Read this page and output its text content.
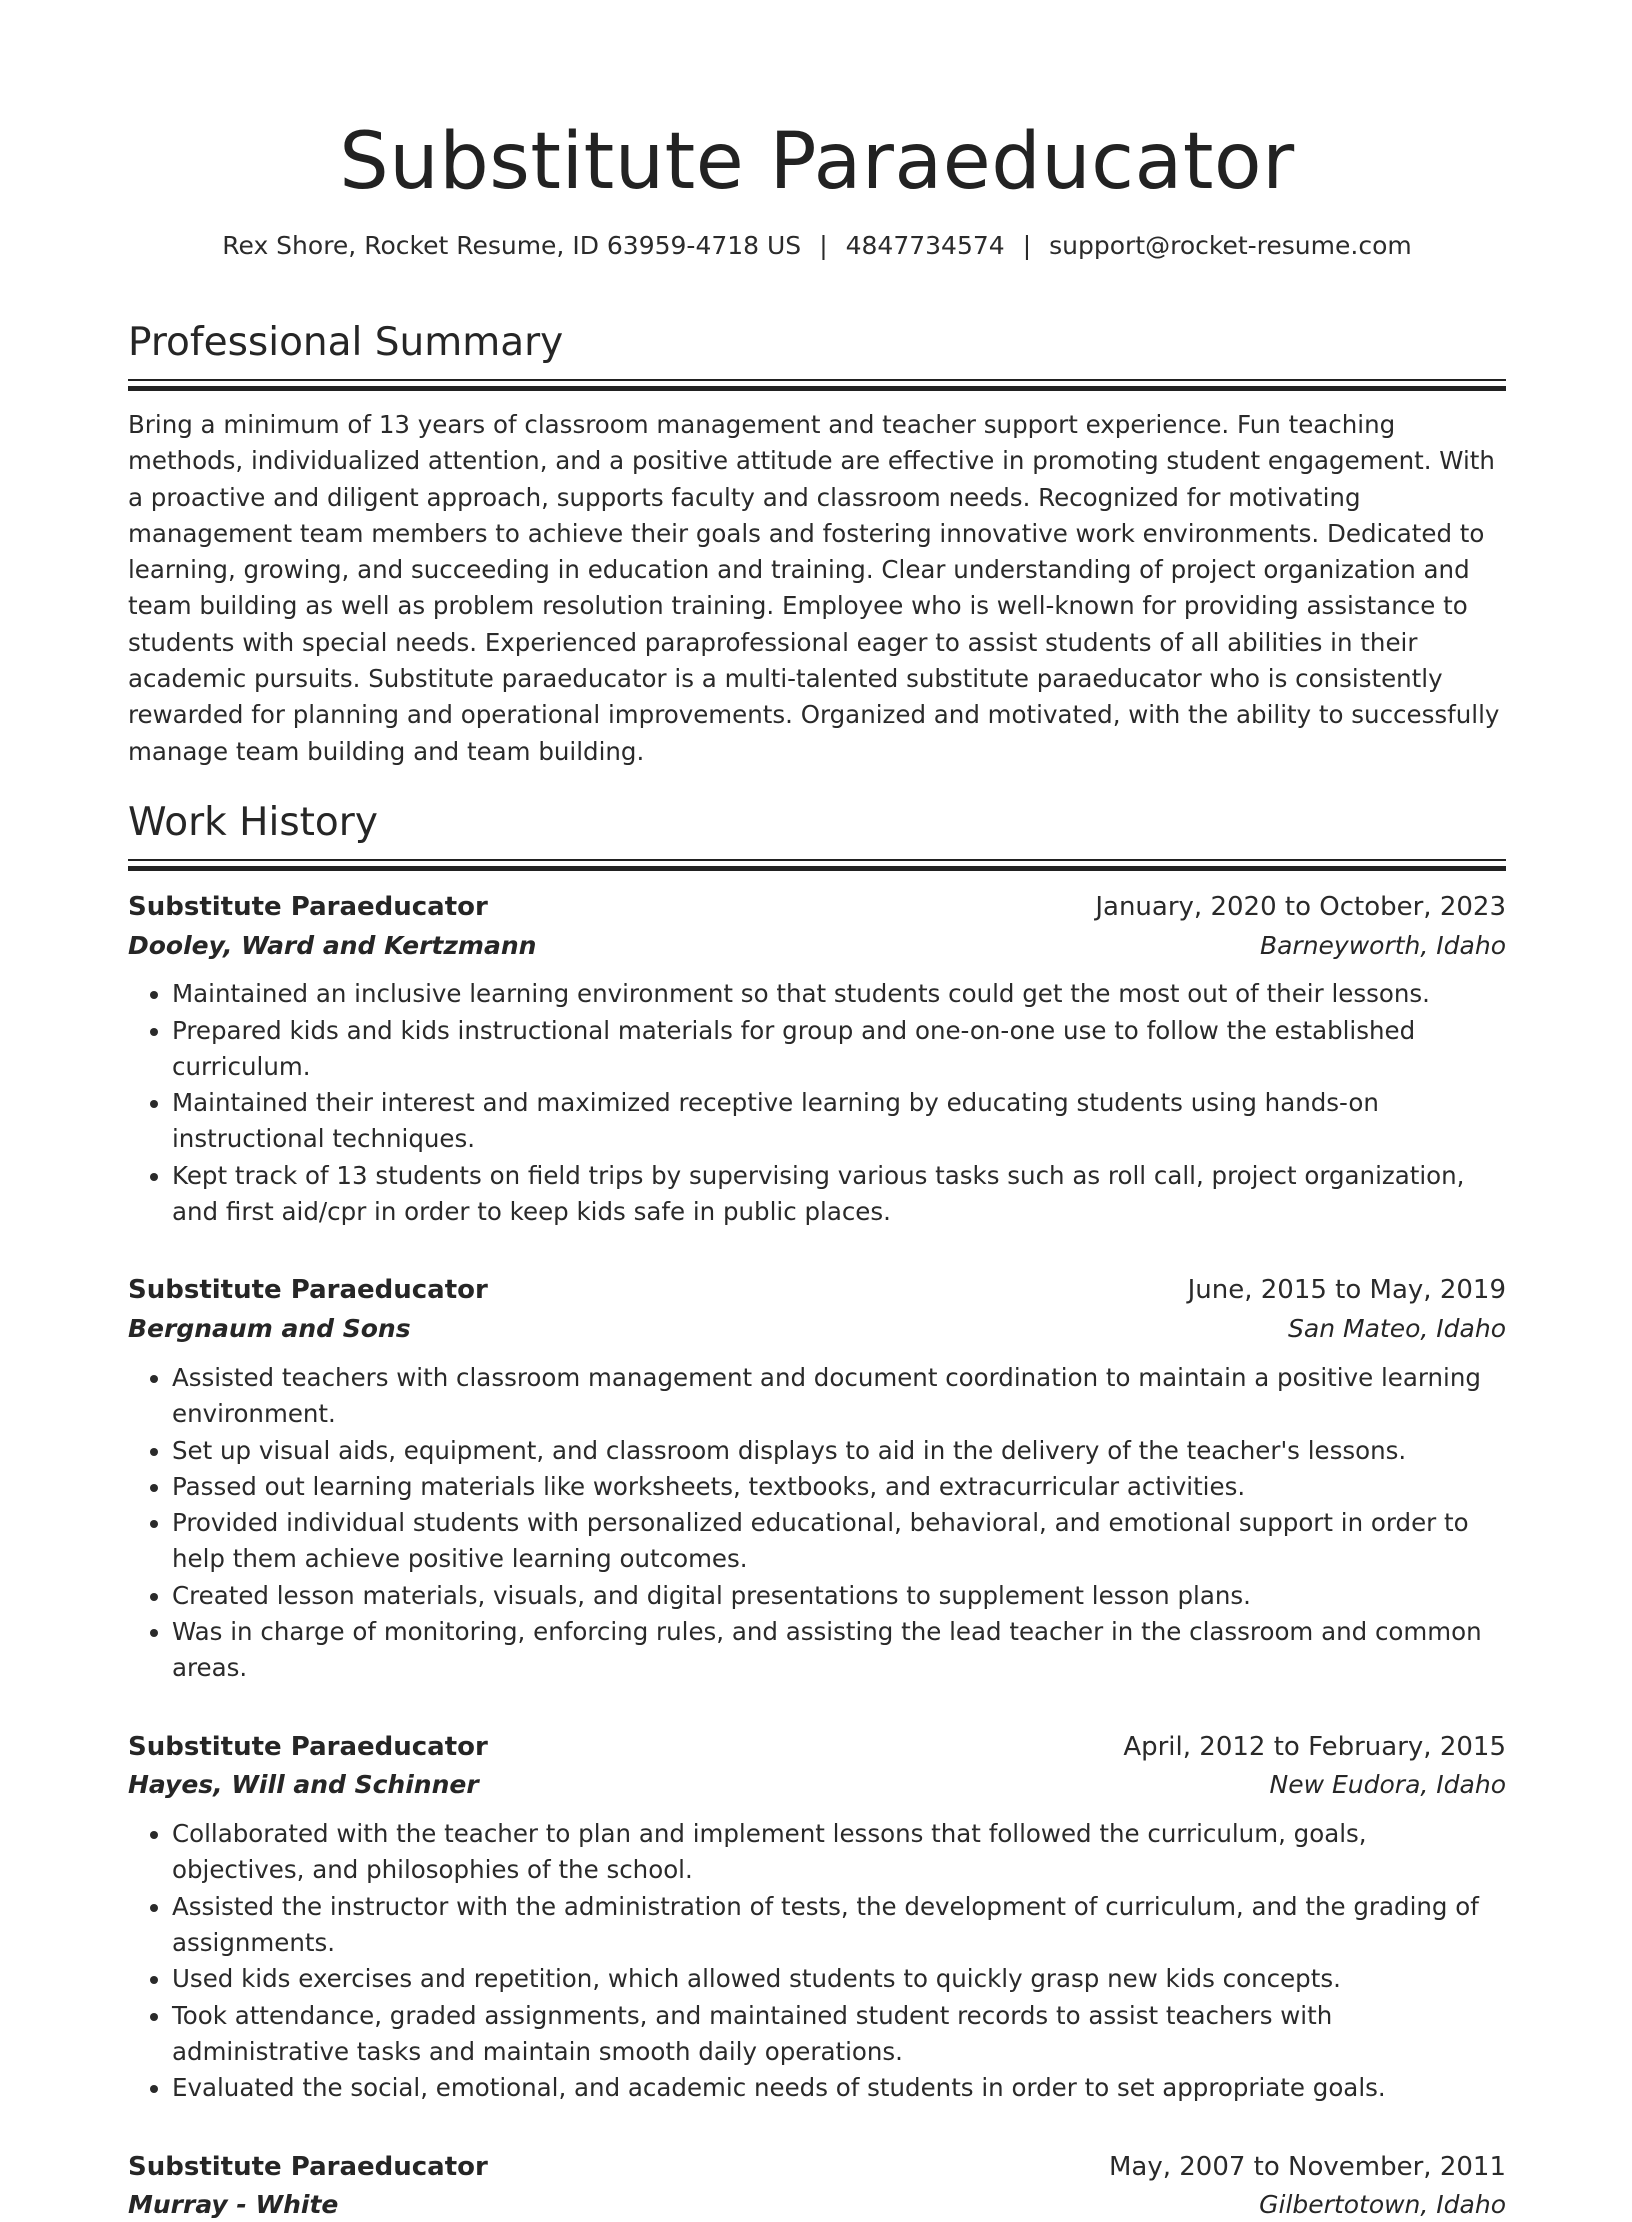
Substitute Paraeducator
Rex Shore, Rocket Resume, ID 63959-4718 US | 4847734574 | support@rocket-resume.com
Professional Summary

Bring a minimum of 13 years of classroom management and teacher support experience. Fun teaching methods, individualized attention, and a positive attitude are effective in promoting student engagement. With a proactive and diligent approach, supports faculty and classroom needs. Recognized for motivating management team members to achieve their goals and fostering innovative work environments. Dedicated to learning, growing, and succeeding in education and training. Clear understanding of project organization and team building as well as problem resolution training. Employee who is well-known for providing assistance to students with special needs. Experienced paraprofessional eager to assist students of all abilities in their academic pursuits. Substitute paraeducator is a multi-talented substitute paraeducator who is consistently rewarded for planning and operational improvements. Organized and motivated, with the ability to successfully manage team building and team building.

Work History
Substitute Paraeducator	January, 2020 to October, 2023
Dooley, Ward and Kertzmann	Barneyworth, Idaho
• Maintained an inclusive learning environment so that students could get the most out of their lessons.
• Prepared kids and kids instructional materials for group and one-on-one use to follow the established curriculum.
• Maintained their interest and maximized receptive learning by educating students using hands-on instructional techniques.
• Kept track of 13 students on field trips by supervising various tasks such as roll call, project organization, and first aid/cpr in order to keep kids safe in public places.
Substitute Paraeducator	June, 2015 to May, 2019
Bergnaum and Sons	San Mateo, Idaho
• Assisted teachers with classroom management and document coordination to maintain a positive learning environment.
• Set up visual aids, equipment, and classroom displays to aid in the delivery of the teacher's lessons.
• Passed out learning materials like worksheets, textbooks, and extracurricular activities.
• Provided individual students with personalized educational, behavioral, and emotional support in order to help them achieve positive learning outcomes.
• Created lesson materials, visuals, and digital presentations to supplement lesson plans.
• Was in charge of monitoring, enforcing rules, and assisting the lead teacher in the classroom and common areas.
Substitute Paraeducator	April, 2012 to February, 2015
Hayes, Will and Schinner	New Eudora, Idaho
• Collaborated with the teacher to plan and implement lessons that followed the curriculum, goals, objectives, and philosophies of the school.
• Assisted the instructor with the administration of tests, the development of curriculum, and the grading of assignments.
• Used kids exercises and repetition, which allowed students to quickly grasp new kids concepts.
• Took attendance, graded assignments, and maintained student records to assist teachers with administrative tasks and maintain smooth daily operations.
• Evaluated the social, emotional, and academic needs of students in order to set appropriate goals.
Substitute Paraeducator	May, 2007 to November, 2011
Murray - White	Gilbertotown, Idaho
